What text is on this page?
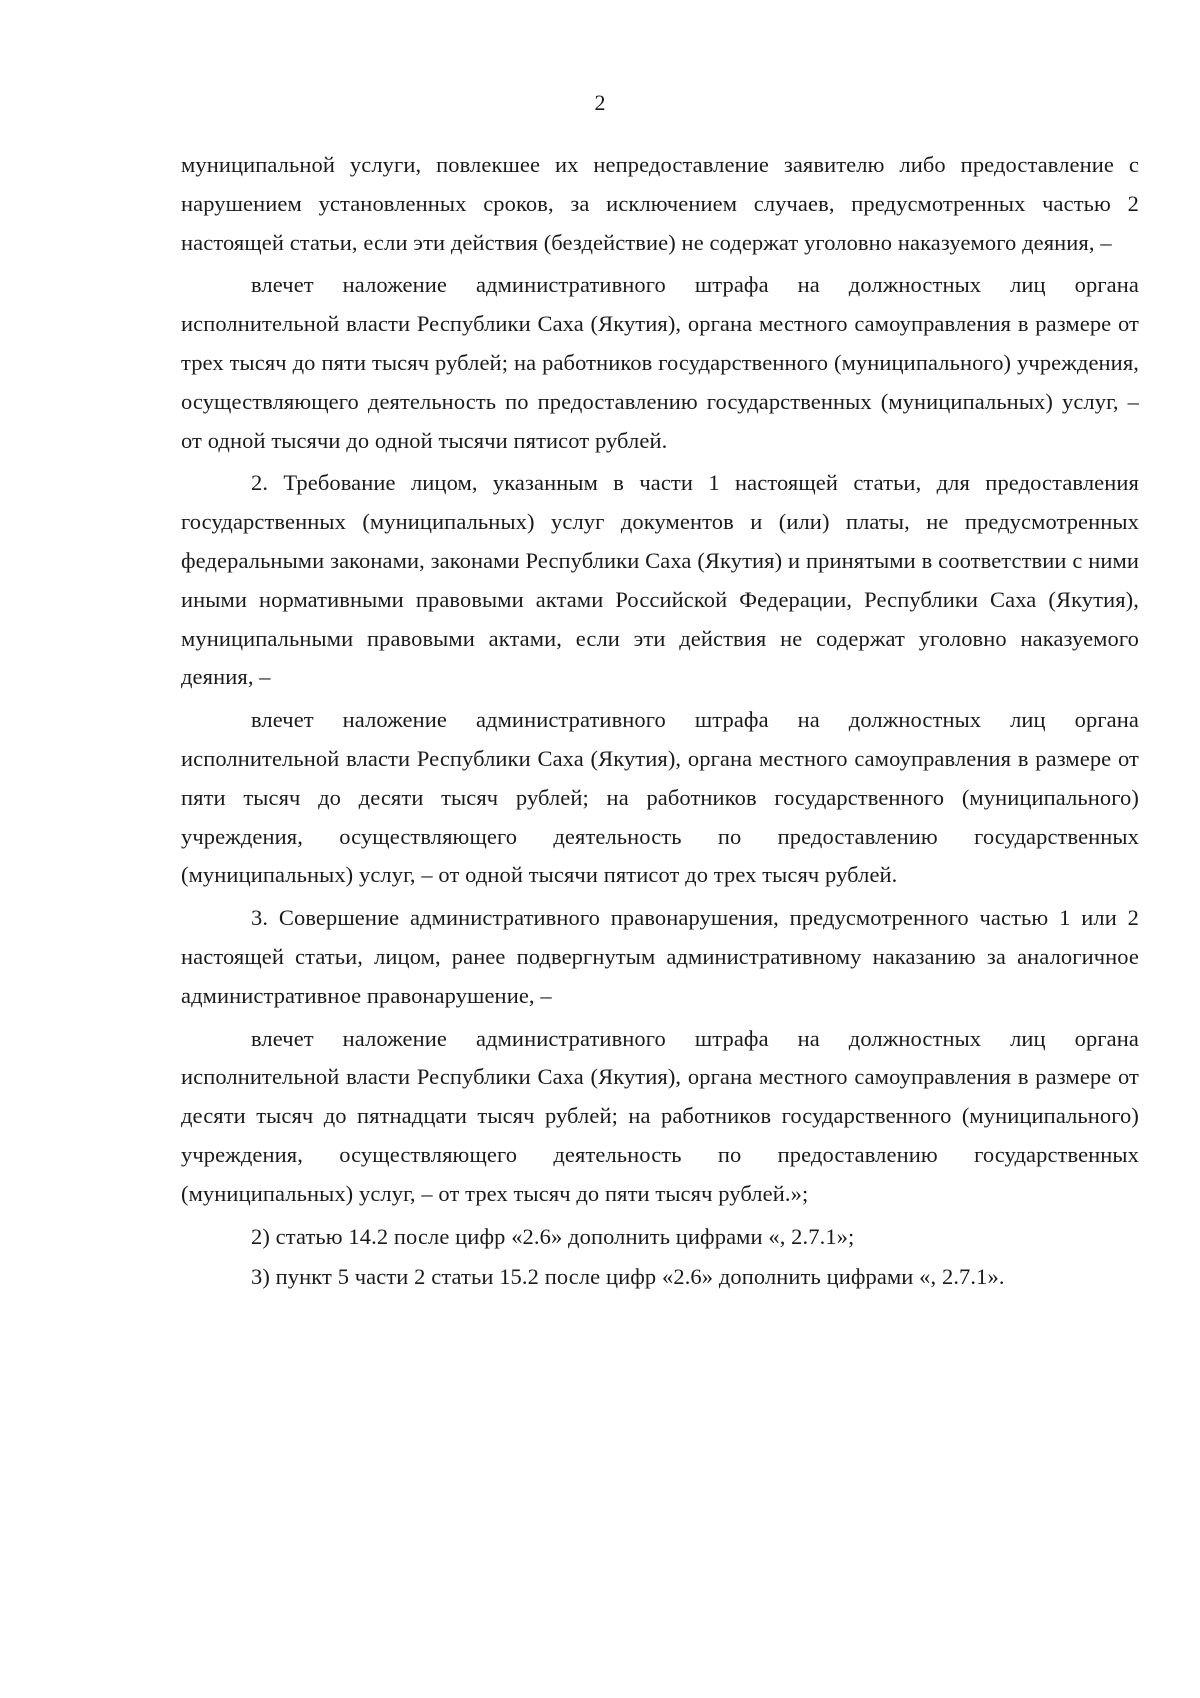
2

муниципальной услуги, повлекшее их непредоставление заявителю либо предоставление с нарушением установленных сроков, за исключением случаев, предусмотренных частью 2 настоящей статьи, если эти действия (бездействие) не содержат уголовно наказуемого деяния, –

влечет наложение административного штрафа на должностных лиц органа исполнительной власти Республики Саха (Якутия), органа местного самоуправления в размере от трех тысяч до пяти тысяч рублей; на работников государственного (муниципального) учреждения, осуществляющего деятельность по предоставлению государственных (муниципальных) услуг, – от одной тысячи до одной тысячи пятисот рублей.

2. Требование лицом, указанным в части 1 настоящей статьи, для предоставления государственных (муниципальных) услуг документов и (или) платы, не предусмотренных федеральными законами, законами Республики Саха (Якутия) и принятыми в соответствии с ними иными нормативными правовыми актами Российской Федерации, Республики Саха (Якутия), муниципальными правовыми актами, если эти действия не содержат уголовно наказуемого деяния, –

влечет наложение административного штрафа на должностных лиц органа исполнительной власти Республики Саха (Якутия), органа местного самоуправления в размере от пяти тысяч до десяти тысяч рублей; на работников государственного (муниципального) учреждения, осуществляющего деятельность по предоставлению государственных (муниципальных) услуг, – от одной тысячи пятисот до трех тысяч рублей.

3. Совершение административного правонарушения, предусмотренного частью 1 или 2 настоящей статьи, лицом, ранее подвергнутым административному наказанию за аналогичное административное правонарушение, –

влечет наложение административного штрафа на должностных лиц органа исполнительной власти Республики Саха (Якутия), органа местного самоуправления в размере от десяти тысяч до пятнадцати тысяч рублей; на работников государственного (муниципального) учреждения, осуществляющего деятельность по предоставлению государственных (муниципальных) услуг, – от трех тысяч до пяти тысяч рублей.»;

2) статью 14.2 после цифр «2.6» дополнить цифрами «, 2.7.1»;

3) пункт 5 части 2 статьи 15.2 после цифр «2.6» дополнить цифрами «, 2.7.1».
